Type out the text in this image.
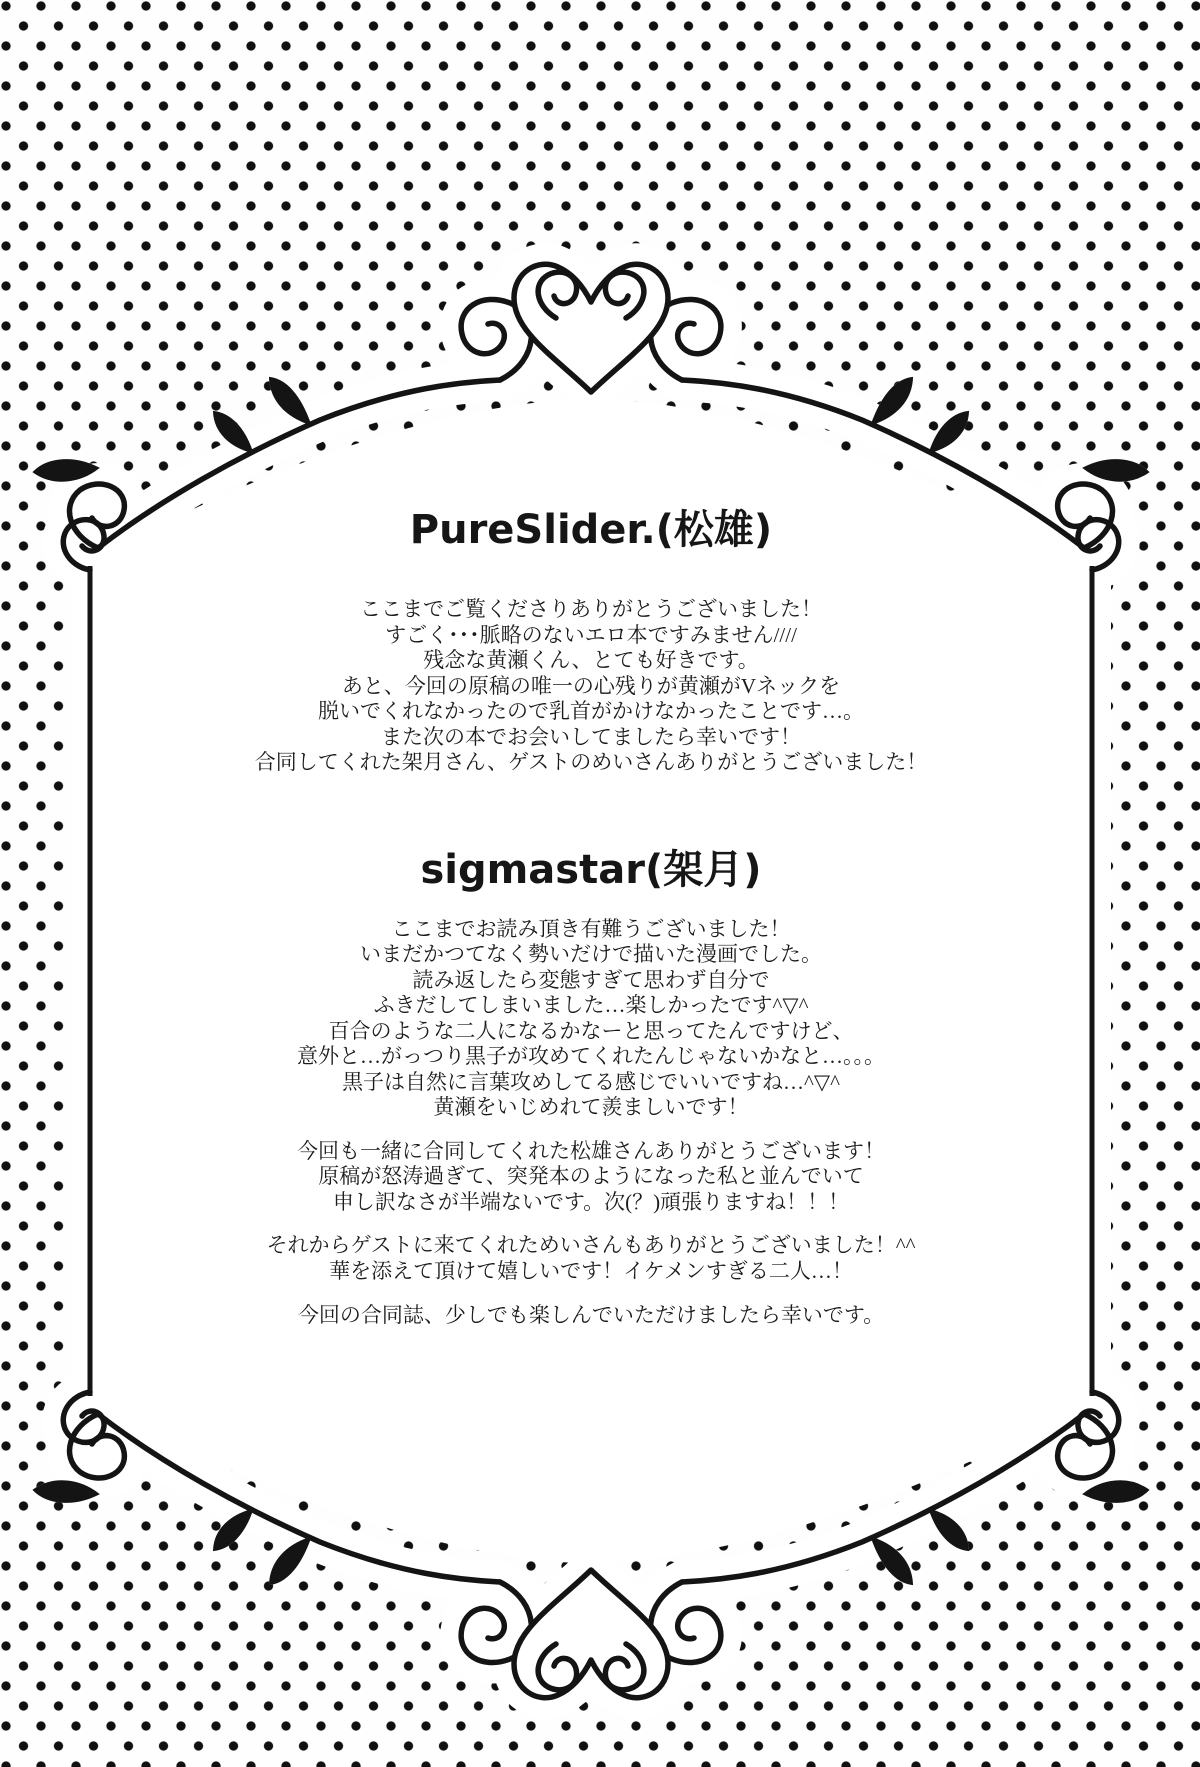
PureSlider.(松雄)
ここまでご覧くださりありがとうございました！
すごく･･･脈略のないエロ本ですみません////
残念な黄瀬くん、とても好きです。
あと、今回の原稿の唯一の心残りが黄瀬がVネックを
脱いでくれなかったので乳首がかけなかったことです…。
また次の本でお会いしてましたら幸いです！
合同してくれた架月さん、ゲストのめいさんありがとうございました！
sigmastar(架月)
ここまでお読み頂き有難うございました！
いまだかつてなく勢いだけで描いた漫画でした。
読み返したら変態すぎて思わず自分で
ふきだしてしまいました…楽しかったです^▽^
百合のような二人になるかなーと思ってたんですけど、
意外と…がっつり黒子が攻めてくれたんじゃないかなと…。。。
黒子は自然に言葉攻めしてる感じでいいですね…^▽^
黄瀬をいじめれて羨ましいです！
今回も一緒に合同してくれた松雄さんありがとうございます！
原稿が怒涛過ぎて、突発本のようになった私と並んでいて
申し訳なさが半端ないです。次(？)頑張りますね！！！
それからゲストに来てくれためいさんもありがとうございました！^^
華を添えて頂けて嬉しいです！イケメンすぎる二人…！
今回の合同誌、少しでも楽しんでいただけましたら幸いです。
